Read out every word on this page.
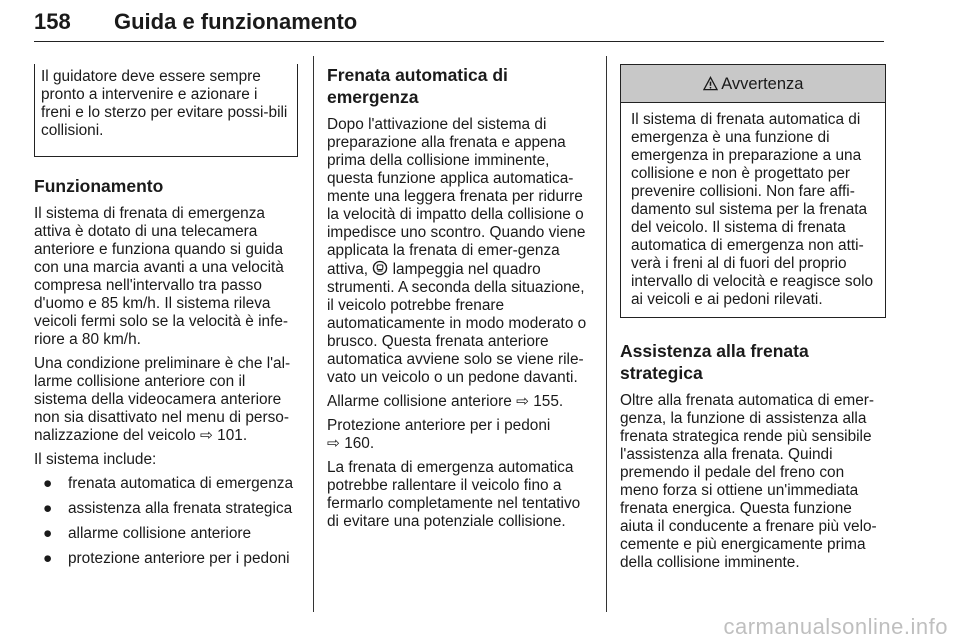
158	Guida e funzionamento

Il guidatore deve essere sempre pronto a intervenire e azionare i freni e lo sterzo per evitare possi-bili collisioni.

Funzionamento

Il sistema di frenata di emergenza attiva è dotato di una telecamera anteriore e funziona quando si guida con una marcia avanti a una velocità compresa nell'intervallo tra passo d'uomo e 85 km/h. Il sistema rileva veicoli fermi solo se la velocità è infe-riore a 80 km/h.

Una condizione preliminare è che l'al-larme collisione anteriore con il sistema della videocamera anteriore non sia disattivato nel menu di perso-nalizzazione del veicolo ⇨ 101.

Il sistema include:

● frenata automatica di emergenza
● assistenza alla frenata strategica
● allarme collisione anteriore
● protezione anteriore per i pedoni
Frenata automatica di emergenza

Dopo l'attivazione del sistema di preparazione alla frenata e appena prima della collisione imminente, questa funzione applica automatica-mente una leggera frenata per ridurre la velocità di impatto della collisione o impedisce uno scontro. Quando viene applicata la frenata di emer-genza attiva, lampeggia nel quadro strumenti. A seconda della situazione, il veicolo potrebbe frenare automaticamente in modo moderato o brusco. Questa frenata anteriore automatica avviene solo se viene rile-vato un veicolo o un pedone davanti.

Allarme collisione anteriore ⇨ 155.

Protezione anteriore per i pedoni
⇨ 160.

La frenata di emergenza automatica potrebbe rallentare il veicolo fino a fermarlo completamente nel tentativo di evitare una potenziale collisione.

Avvertenza

Il sistema di frenata automatica di emergenza è una funzione di emergenza in preparazione a una collisione e non è progettato per prevenire collisioni. Non fare affi-damento sul sistema per la frenata del veicolo. Il sistema di frenata automatica di emergenza non atti-verà i freni al di fuori del proprio intervallo di velocità e reagisce solo ai veicoli e ai pedoni rilevati.

Assistenza alla frenata strategica

Oltre alla frenata automatica di emer-genza, la funzione di assistenza alla frenata strategica rende più sensibile l'assistenza alla frenata. Quindi premendo il pedale del freno con meno forza si ottiene un'immediata frenata energica. Questa funzione aiuta il conducente a frenare più velo-cemente e più energicamente prima della collisione imminente.

carmanualsonline.info
